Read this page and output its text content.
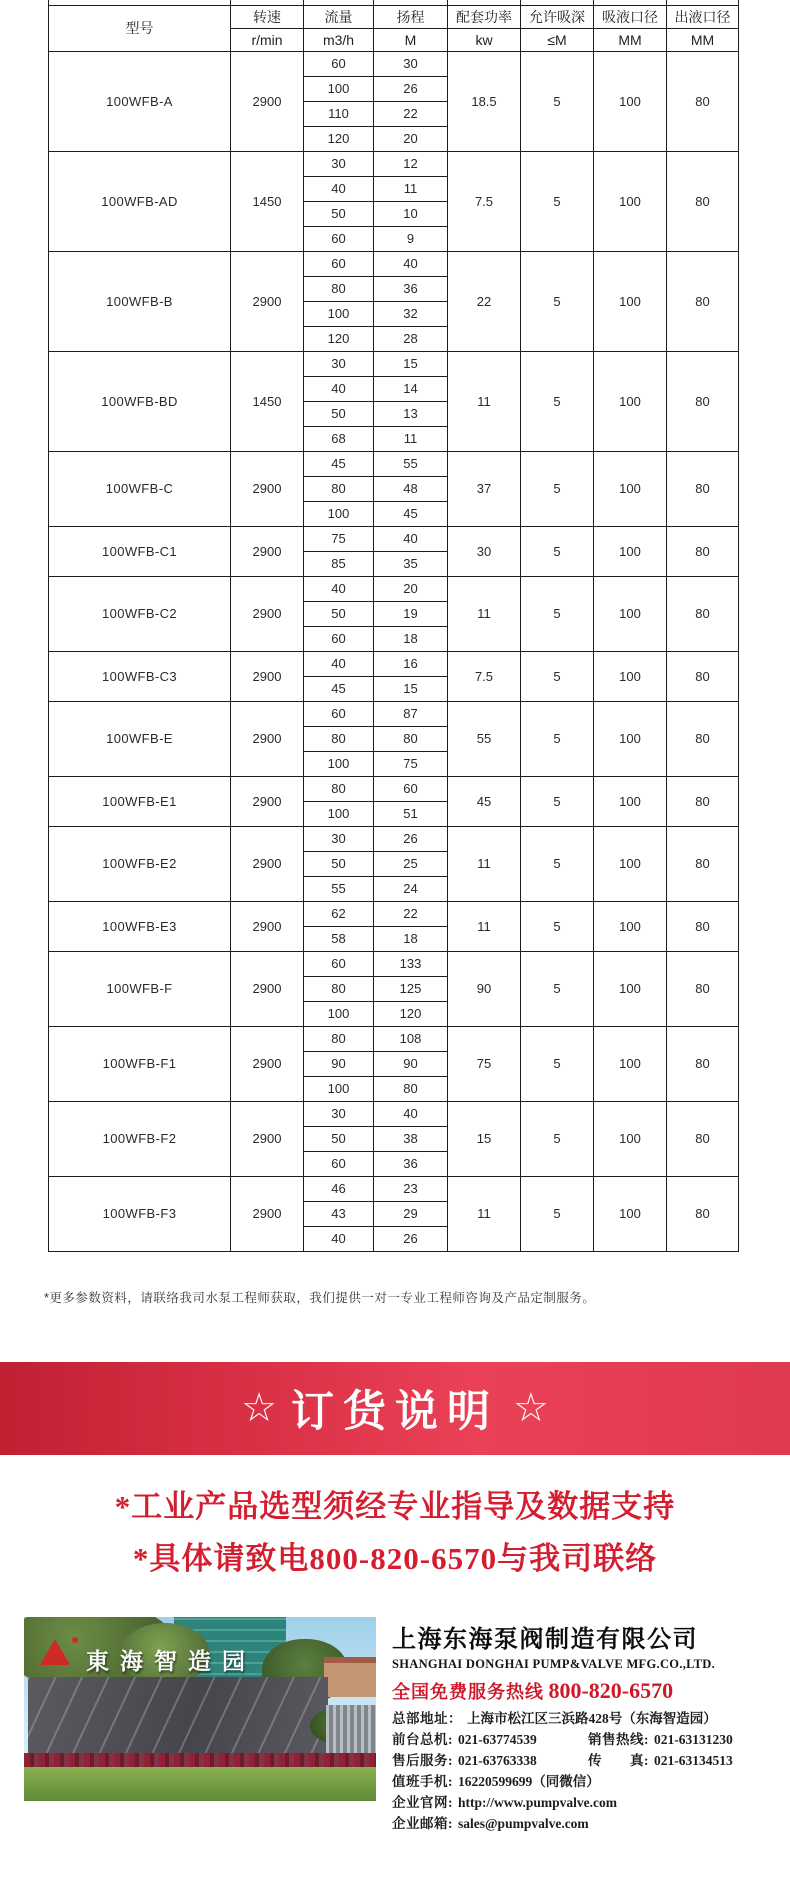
型号	转速	流量	扬程	配套功率	允许吸深	吸液口径	出液口径
	r/min	m3/h	M	kw	≤M	MM	MM
100WFB-A	2900	60	30	18.5	5	100	80
		100	26				
		110	22				
		120	20				
100WFB-AD	1450	30	12	7.5	5	100	80
		40	11				
		50	10				
		60	9				
100WFB-B	2900	60	40	22	5	100	80
		80	36				
		100	32				
		120	28				
100WFB-BD	1450	30	15	11	5	100	80
		40	14				
		50	13				
		68	11				
100WFB-C	2900	45	55	37	5	100	80
		80	48				
		100	45				
100WFB-C1	2900	75	40	30	5	100	80
		85	35				
100WFB-C2	2900	40	20	11	5	100	80
		50	19				
		60	18				
100WFB-C3	2900	40	16	7.5	5	100	80
		45	15				
100WFB-E	2900	60	87	55	5	100	80
		80	80				
		100	75				
100WFB-E1	2900	80	60	45	5	100	80
		100	51				
100WFB-E2	2900	30	26	11	5	100	80
		50	25				
		55	24				
100WFB-E3	2900	62	22	11	5	100	80
		58	18				
100WFB-F	2900	60	133	90	5	100	80
		80	125				
		100	120				
100WFB-F1	2900	80	108	75	5	100	80
		90	90				
		100	80				
100WFB-F2	2900	30	40	15	5	100	80
		50	38				
		60	36				
100WFB-F3	2900	46	23	11	5	100	80
		43	29				
		40	26				
*更多参数资料，请联络我司水泵工程师获取，我们提供一对一专业工程师咨询及产品定制服务。
☆ 订货说明 ☆
*工业产品选型须经专业指导及数据支持
*具体请致电800-820-6570与我司联络
東海智造园
上海东海泵阀制造有限公司
SHANGHAI DONGHAI PUMP&VALVE MFG.CO.,LTD.
全国免费服务热线 800-820-6570
总部地址： 上海市松江区三浜路428号（东海智造园）
前台总机: 021-63774539	销售热线: 021-63131230
售后服务: 021-63763338	传　　真: 021-63134513
值班手机: 16220599699（同微信）
企业官网: http://www.pumpvalve.com
企业邮箱: sales@pumpvalve.com
